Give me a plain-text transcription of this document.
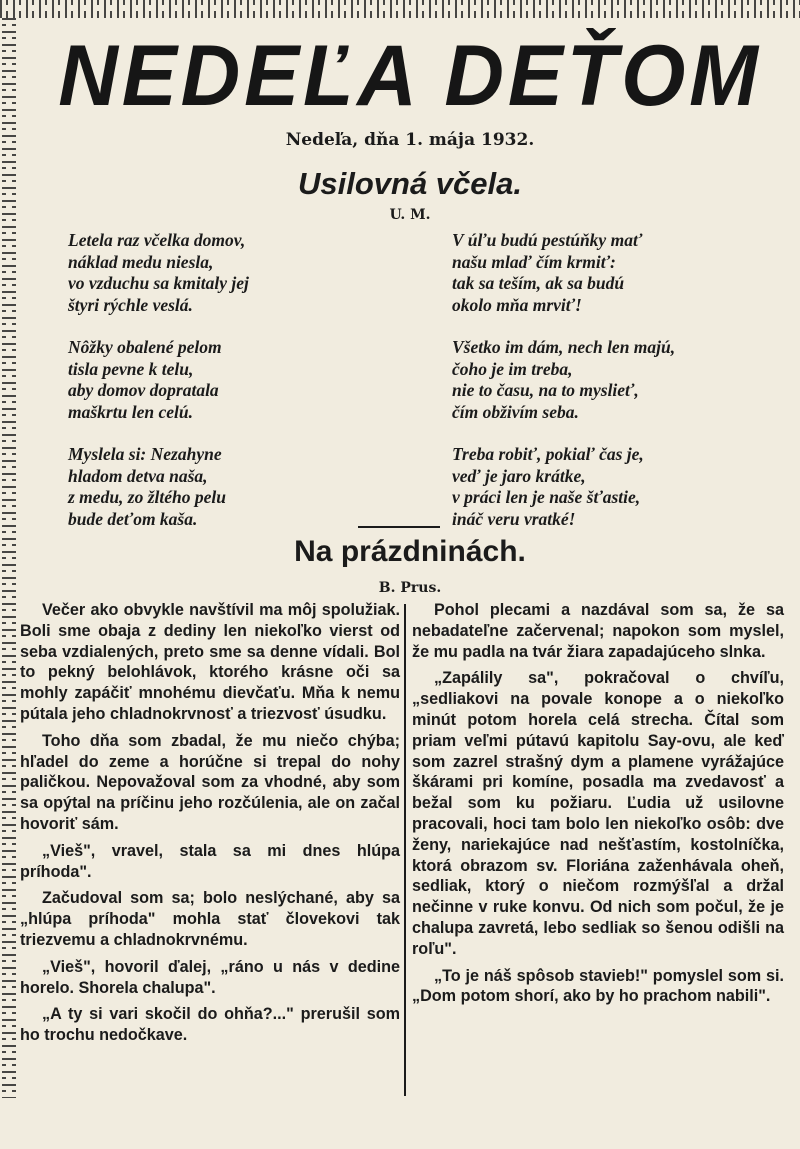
NEDEĽA DEŤOM
Nedeľa, dňa 1. mája 1932.
Usilovná včela.
U. M.
Letela raz včelka domov,
náklad medu niesla,
vo vzduchu sa kmitaly jej
štyri rýchle veslá.
Nôžky obalené pelom
tisla pevne k telu,
aby domov dopratala
maškrtu len celú.
Myslela si: Nezahyne
hladom detva naša,
z medu, zo žltého pelu
bude deťom kaša.
V úľu budú pestúňky mať
našu mlaď čím krmiť:
tak sa teším, ak sa budú
okolo mňa mrviť!
Všetko im dám, nech len majú,
čoho je im treba,
nie to času, na to myslieť,
čím obživím seba.
Treba robiť, pokiaľ čas je,
veď je jaro krátke,
v práci len je naše šťastie,
ináč veru vratké!
Na prázdninách.
B. Prus.

Večer ako obvykle navštívil ma môj spolužiak. Boli sme obaja z dediny len niekoľko vierst od seba vzdialených, preto sme sa denne vídali. Bol to pekný belohlávok, ktorého krásne oči sa mohly zapáčiť mnohému dievčaťu. Mňa k nemu pútala jeho chladnokrvnosť a triezvosť úsudku.

Toho dňa som zbadal, že mu niečo chýba; hľadel do zeme a horúčne si trepal do nohy paličkou. Nepovažoval som za vhodné, aby som sa opýtal na príčinu jeho rozčúlenia, ale on začal hovoriť sám.

„Vieš", vravel, stala sa mi dnes hlúpa príhoda".

Začudoval som sa; bolo neslýchané, aby sa „hlúpa príhoda" mohla stať človekovi tak triezvemu a chladnokrvnému.

„Vieš", hovoril ďalej, „ráno u nás v dedine horelo. Shorela chalupa".

„A ty si vari skočil do ohňa?..." prerušil som ho trochu nedočkave.

Pohol plecami a nazdával som sa, že sa nebadateľne začervenal; napokon som myslel, že mu padla na tvár žiara zapadajúceho slnka.

„Zapálily sa", pokračoval o chvíľu, „sedliakovi na povale konope a o niekoľko minút potom horela celá strecha. Čítal som priam veľmi pútavú kapitolu Say-ovu, ale keď som zazrel strašný dym a plamene vyrážajúce škárami pri komíne, posadla ma zvedavosť a bežal som ku požiaru. Ľudia už usilovne pracovali, hoci tam bolo len niekoľko osôb: dve ženy, nariekajúce nad nešťastím, kostolníčka, ktorá obrazom sv. Floriána zaženhávala oheň, sedliak, ktorý o niečom rozmýšľal a držal nečinne v ruke konvu. Od nich som počul, že je chalupa zavretá, lebo sedliak so šenou odišli na roľu".

„To je náš spôsob stavieb!" pomyslel som si. „Dom potom shorí, ako by ho prachom nabili".
